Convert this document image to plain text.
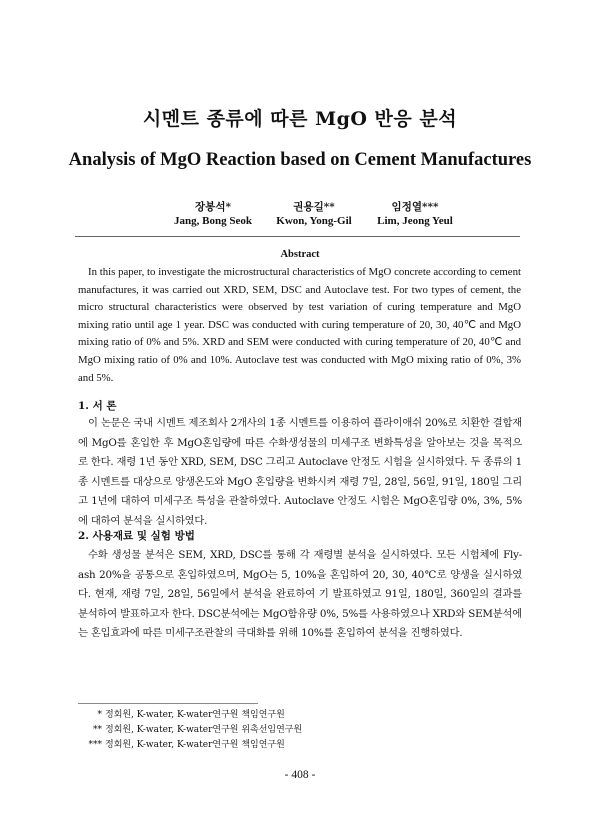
시멘트 종류에 따른 MgO 반응 분석
Analysis of MgO Reaction based on Cement Manufactures
장봉석*
Jang, Bong Seok
권용길**
Kwon, Yong-Gil
임정열***
Lim, Jeong Yeul
Abstract
In this paper, to investigate the microstructural characteristics of MgO concrete according to cement manufactures, it was carried out XRD, SEM, DSC and Autoclave test. For two types of cement, the micro structural characteristics were observed by test variation of curing temperature and MgO mixing ratio until age 1 year. DSC was conducted with curing temperature of 20, 30, 40℃ and MgO mixing ratio of 0% and 5%. XRD and SEM were conducted with curing temperature of 20, 40℃ and MgO mixing ratio of 0% and 10%. Autoclave test was conducted with MgO mixing ratio of 0%, 3% and 5%.
1. 서 론
이 논문은 국내 시멘트 제조회사 2개사의 1종 시멘트를 이용하여 플라이애쉬 20%로 치환한 결합재에 MgO를 혼입한 후 MgO혼입량에 따른 수화생성물의 미세구조 변화특성을 알아보는 것을 목적으로 한다. 재령 1년 동안 XRD, SEM, DSC 그리고 Autoclave 안정도 시험을 실시하였다. 두 종류의 1종 시멘트를 대상으로 양생온도와 MgO 혼입량을 변화시켜 재령 7일, 28일, 56일, 91일, 180일 그리고 1년에 대하여 미세구조 특성을 관찰하였다. Autoclave 안정도 시험은 MgO혼입량 0%, 3%, 5%에 대하여 분석을 실시하였다.
2. 사용재료 및 실험 방법
수화 생성물 분석은 SEM, XRD, DSC를 통해 각 재령별 분석을 실시하였다. 모든 시험체에 Fly-ash 20%을 공통으로 혼입하였으며, MgO는 5, 10%을 혼입하여 20, 30, 40℃로 양생을 실시하였다. 현재, 재령 7일, 28일, 56일에서 분석을 완료하여 기 발표하였고 91일, 180일, 360일의 결과를 분석하여 발표하고자 한다. DSC분석에는 MgO함유량 0%, 5%를 사용하였으나 XRD와 SEM분석에는 혼입효과에 따른 미세구조관찰의 극대화를 위해 10%를 혼입하여 분석을 진행하였다.
* 정회원, K-water, K-water연구원 책임연구원
** 정회원, K-water, K-water연구원 위촉선임연구원
*** 정회원, K-water, K-water연구원 책임연구원
- 408 -
